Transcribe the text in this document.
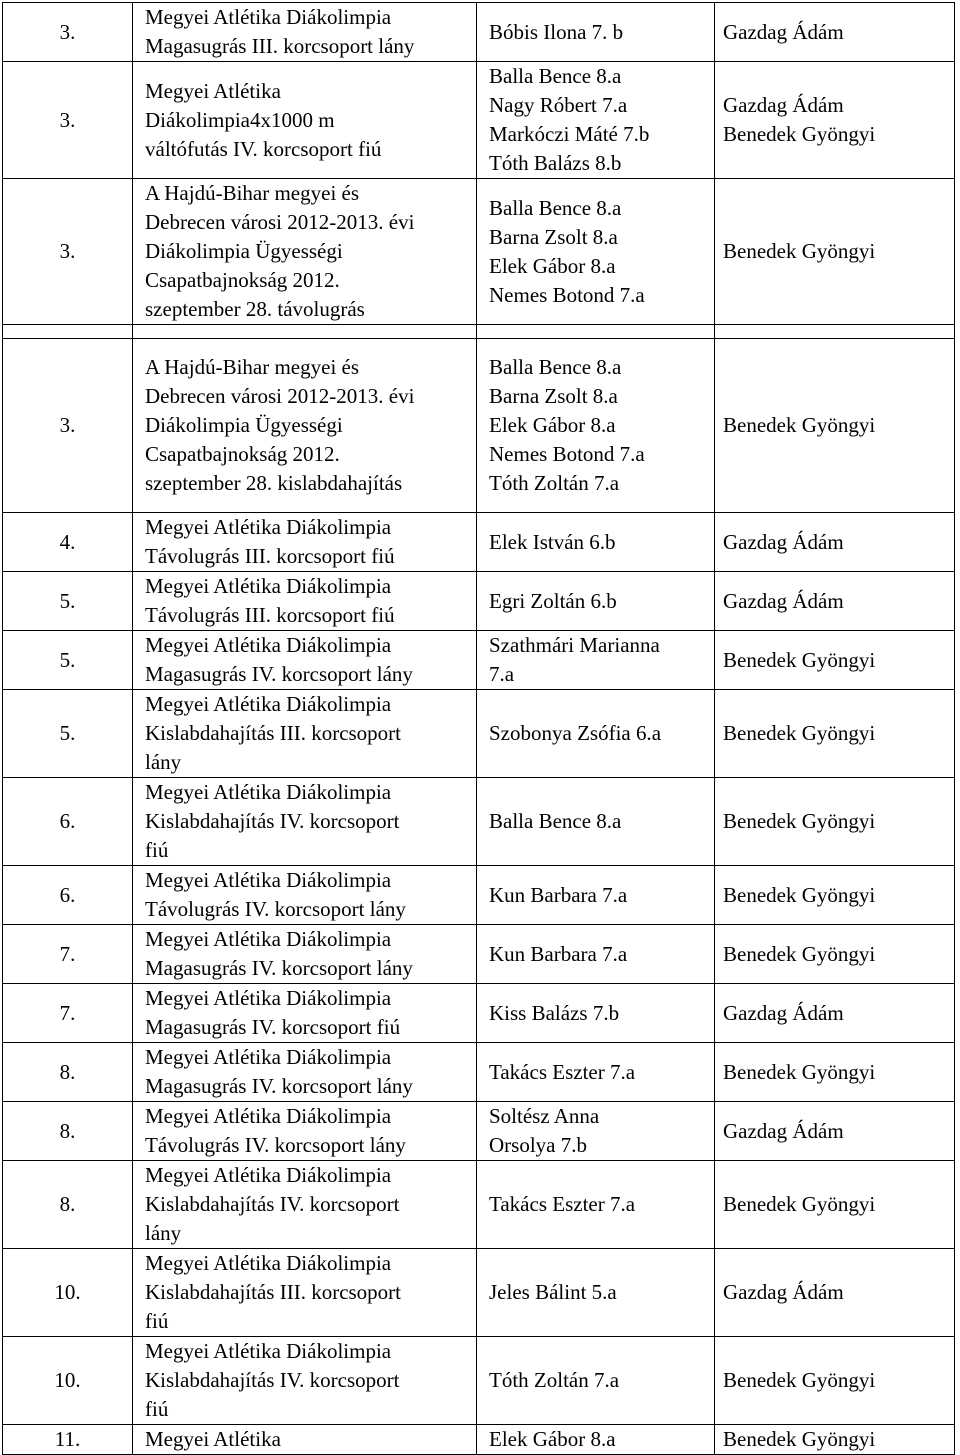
3.	Megyei Atlétika Diákolimpia
Magasugrás III. korcsoport lány	Bóbis Ilona 7. b	Gazdag Ádám

3.	Megyei Atlétika
Diákolimpia4x1000 m
váltófutás IV. korcsoport fiú	Balla Bence 8.a
Nagy Róbert 7.a
Markóczi Máté 7.b
Tóth Balázs 8.b	Gazdag Ádám
Benedek Gyöngyi

3.	A Hajdú-Bihar megyei és
Debrecen városi 2012-2013. évi
Diákolimpia Ügyességi
Csapatbajnokság 2012.
szeptember 28. távolugrás	Balla Bence 8.a
Barna Zsolt 8.a
Elek Gábor 8.a
Nemes Botond 7.a	Benedek Gyöngyi

3.	A Hajdú-Bihar megyei és
Debrecen városi 2012-2013. évi
Diákolimpia Ügyességi
Csapatbajnokság 2012.
szeptember 28. kislabdahajítás	Balla Bence 8.a
Barna Zsolt 8.a
Elek Gábor 8.a
Nemes Botond 7.a
Tóth Zoltán 7.a	Benedek Gyöngyi

4.	Megyei Atlétika Diákolimpia
Távolugrás III. korcsoport fiú	Elek István 6.b	Gazdag Ádám

5.	Megyei Atlétika Diákolimpia
Távolugrás III. korcsoport fiú	Egri Zoltán 6.b	Gazdag Ádám

5.	Megyei Atlétika Diákolimpia
Magasugrás IV. korcsoport lány	Szathmári Marianna
7.a	Benedek Gyöngyi

5.	Megyei Atlétika Diákolimpia
Kislabdahajítás III. korcsoport
lány	Szobonya Zsófia 6.a	Benedek Gyöngyi

6.	Megyei Atlétika Diákolimpia
Kislabdahajítás IV. korcsoport
fiú	Balla Bence 8.a	Benedek Gyöngyi

6.	Megyei Atlétika Diákolimpia
Távolugrás IV. korcsoport lány	Kun Barbara 7.a	Benedek Gyöngyi

7.	Megyei Atlétika Diákolimpia
Magasugrás IV. korcsoport lány	Kun Barbara 7.a	Benedek Gyöngyi

7.	Megyei Atlétika Diákolimpia
Magasugrás IV. korcsoport fiú	Kiss Balázs 7.b	Gazdag Ádám

8.	Megyei Atlétika Diákolimpia
Magasugrás IV. korcsoport lány	Takács Eszter 7.a	Benedek Gyöngyi

8.	Megyei Atlétika Diákolimpia
Távolugrás IV. korcsoport lány	Soltész Anna
Orsolya 7.b	Gazdag Ádám

8.	Megyei Atlétika Diákolimpia
Kislabdahajítás IV. korcsoport
lány	Takács Eszter 7.a	Benedek Gyöngyi

10.	Megyei Atlétika Diákolimpia
Kislabdahajítás III. korcsoport
fiú	Jeles Bálint 5.a	Gazdag Ádám

10.	Megyei Atlétika Diákolimpia
Kislabdahajítás IV. korcsoport
fiú	Tóth Zoltán 7.a	Benedek Gyöngyi

11.	Megyei Atlétika	Elek Gábor 8.a	Benedek Gyöngyi
